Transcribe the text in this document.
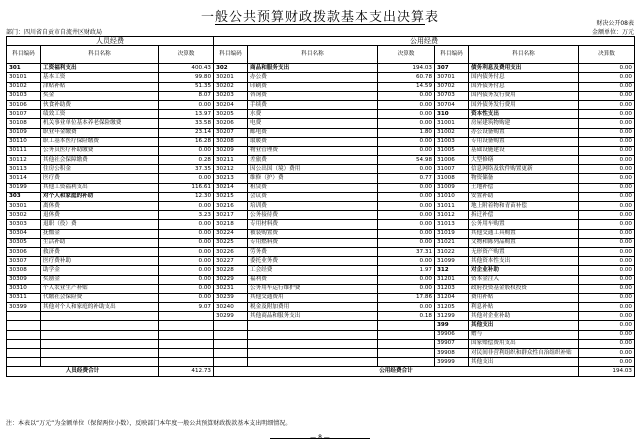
一般公共预算财政拨款基本支出决算表	财决公开08表
部门：四川省自贡市自流井区财政局	金额单位：万元
人员经费			公用经费					
科目编码	科目名称	决算数	科目编码	科目名称	决算数	科目编码	科目名称	决算数
301	工资福利支出	400.43	302	商品和服务支出	194.03	307	债务利息及费用支出	0.00
30101	基本工资	99.80	30201	办公费	60.78	30701	国内债务付息	0.00
30102	津贴补贴	51.35	30202	印刷费	14.59	30702	国外债务付息	0.00
30103	奖金	8.07	30203	咨询费	0.00	30703	国内债务发行费用	0.00
30106	伙食补助费	0.00	30204	手续费	0.00	30704	国外债务发行费用	0.00
30107	绩效工资	13.97	30205	水费	0.00	310	资本性支出	0.00
30108	机关事业单位基本养老保险缴费	33.58	30206	电费	0.00	31001	房屋建筑物购建	0.00
30109	职业年金缴费	23.14	30207	邮电费	1.80	31002	办公设备购置	0.00
30110	职工基本医疗保险缴费	16.28	30208	取暖费	0.00	31003	专用设备购置	0.00
30111	公务员医疗补助缴费	0.00	30209	物业管理费	0.00	31005	基础设施建设	0.00
30112	其他社会保障缴费	0.28	30211	差旅费	54.98	31006	大型修缮	0.00
30113	住房公积金	37.35	30212	因公出国（境）费用	0.00	31007	信息网络及软件购置更新	0.00
30114	医疗费	0.00	30213	维修（护）费	0.77	31008	物资储备	0.00
30199	其他工资福利支出	116.61	30214	租赁费	0.00	31009	土地补偿	0.00
303	对个人和家庭的补助	12.30	30215	会议费	0.00	31010	安置补助	0.00
30301	离休费	0.00	30216	培训费	0.00	31011	地上附着物和青苗补偿	0.00
30302	退休费	3.23	30217	公务接待费	0.00	31012	拆迁补偿	0.00
30303	退职（役）费	0.00	30218	专用材料费	0.00	31013	公务用车购置	0.00
30304	抚恤金	0.00	30224	被装购置费	0.00	31019	其他交通工具购置	0.00
30305	生活补助	0.00	30225	专用燃料费	0.00	31021	文物和陈列品购置	0.00
30306	救济费	0.00	30226	劳务费	37.31	31022	无形资产购置	0.00
30307	医疗费补助	0.00	30227	委托业务费	0.00	31099	其他资本性支出	0.00
30308	助学金	0.00	30228	工会经费	1.97	312	对企业补助	0.00
30309	奖励金	0.00	30229	福利费	0.00	31201	资本金注入	0.00
30310	个人农业生产补贴	0.00	30231	公务用车运行维护费	0.00	31203	政府投资基金股权投资	0.00
30311	代缴社会保险费	0.00	30239	其他交通费用	17.86	31204	费用补贴	0.00
30399	其他对个人和家庭的补助支出	9.07	30240	税金及附加费用	0.00	31205	利息补贴	0.00
			30299	其他商品和服务支出	0.18	31299	其他对企业补助	0.00
						399	其他支出	0.00
						39906	赠与	0.00
						39907	国家赔偿费用支出	0.00
						39908	对民间非营利组织和群众性自治组织补贴	0.00
						39999	其他支出	0.00
人员经费合计		412.73	公用经费合计					194.03
注：本表以“万元”为金额单位（保留两位小数），反映部门本年度一般公共预算财政拨款基本支出明细情况。
— 8 —
